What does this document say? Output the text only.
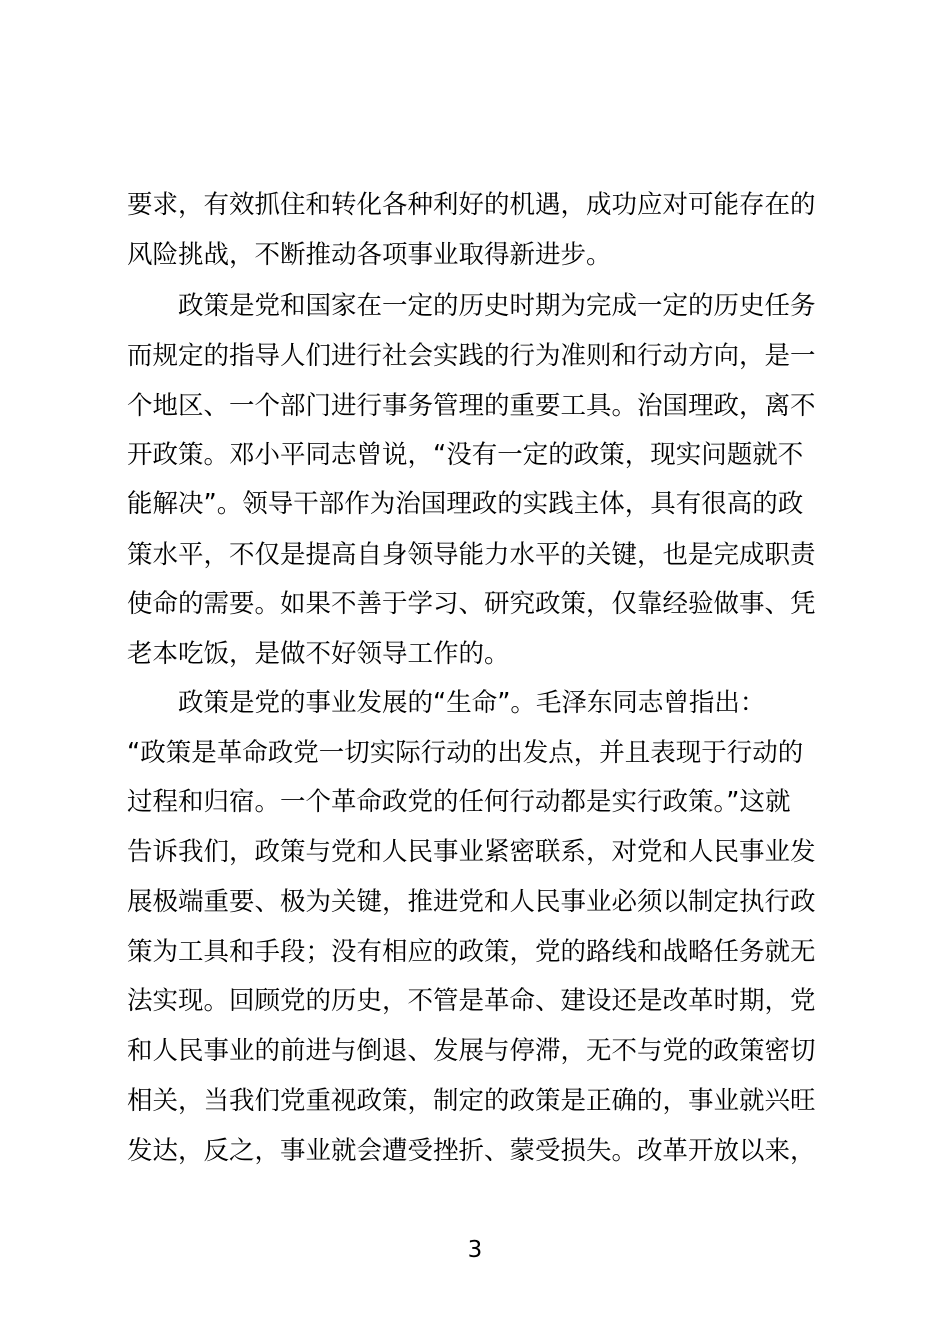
要求，有效抓住和转化各种利好的机遇，成功应对可能存在的
风险挑战，不断推动各项事业取得新进步。
政策是党和国家在一定的历史时期为完成一定的历史任务
而规定的指导人们进行社会实践的行为准则和行动方向，是一
个地区、一个部门进行事务管理的重要工具。治国理政，离不
开政策。邓小平同志曾说，“没有一定的政策，现实问题就不
能解决”。领导干部作为治国理政的实践主体，具有很高的政
策水平，不仅是提高自身领导能力水平的关键，也是完成职责
使命的需要。如果不善于学习、研究政策，仅靠经验做事、凭
老本吃饭，是做不好领导工作的。
政策是党的事业发展的“生命”。毛泽东同志曾指出：
“政策是革命政党一切实际行动的出发点，并且表现于行动的
过程和归宿。一个革命政党的任何行动都是实行政策。”这就
告诉我们，政策与党和人民事业紧密联系，对党和人民事业发
展极端重要、极为关键，推进党和人民事业必须以制定执行政
策为工具和手段；没有相应的政策，党的路线和战略任务就无
法实现。回顾党的历史，不管是革命、建设还是改革时期，党
和人民事业的前进与倒退、发展与停滞，无不与党的政策密切
相关，当我们党重视政策，制定的政策是正确的，事业就兴旺
发达，反之，事业就会遭受挫折、蒙受损失。改革开放以来，
3
